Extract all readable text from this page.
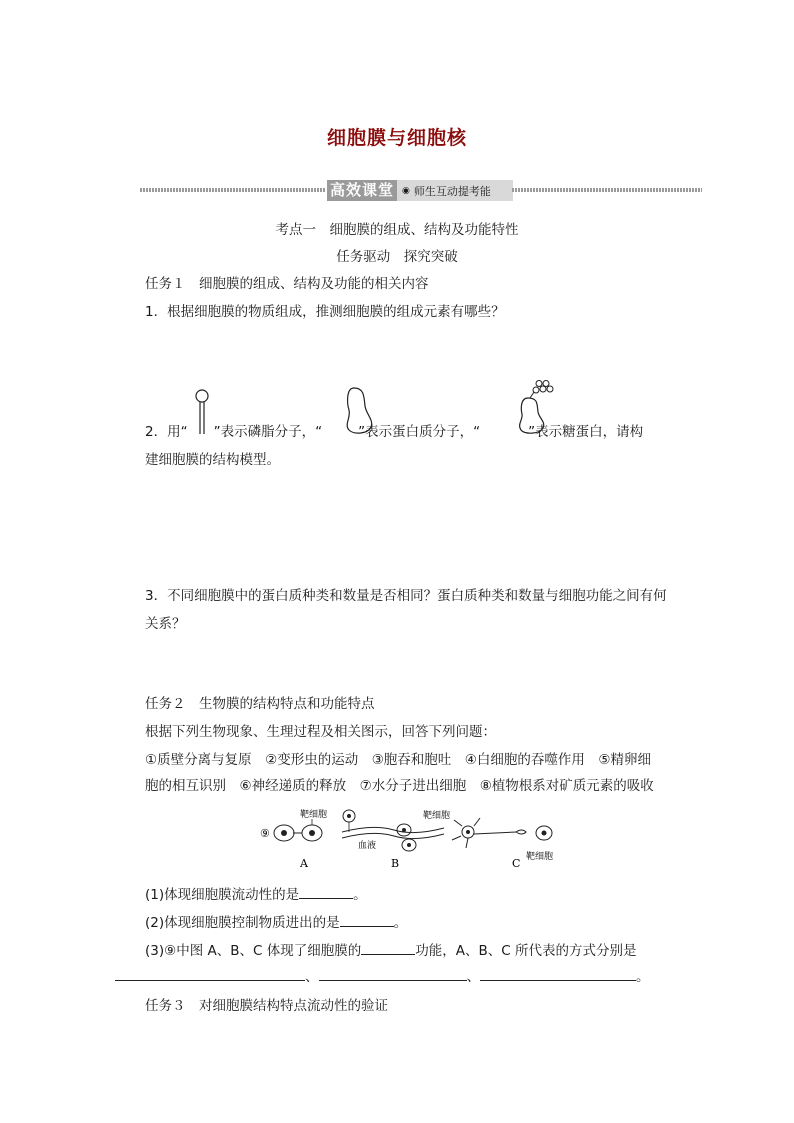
细胞膜与细胞核
高效课堂 ◉ 师生互动提考能
考点一　细胞膜的组成、结构及功能特性
任务驱动　探究突破
任务１　细胞膜的组成、结构及功能的相关内容
1．根据细胞膜的物质组成，推测细胞膜的组成元素有哪些？
2．用“ ”表示磷脂分子，“	”表示蛋白质分子，“	”表示糖蛋白，请构
建细胞膜的结构模型。
3．不同细胞膜中的蛋白质种类和数量是否相同？蛋白质种类和数量与细胞功能之间有何
关系？
任务２　生物膜的结构特点和功能特点
根据下列生物现象、生理过程及相关图示，回答下列问题：
①质壁分离与复原　②变形虫的运动　③胞吞和胞吐　④白细胞的吞噬作用　⑤精卵细
胞的相互识别　⑥神经递质的释放　⑦水分子进出细胞　⑧植物根系对矿质元素的吸收
⑨
靶细胞
A
血液
靶细胞
B	靶细胞
C
(1)体现细胞膜流动性的是	。
(2)体现细胞膜控制物质进出的是	。
(3)⑨中图 A、B、C 体现了细胞膜的	功能，A、B、C 所代表的方式分别是
、	、	。
任务３　对细胞膜结构特点流动性的验证
